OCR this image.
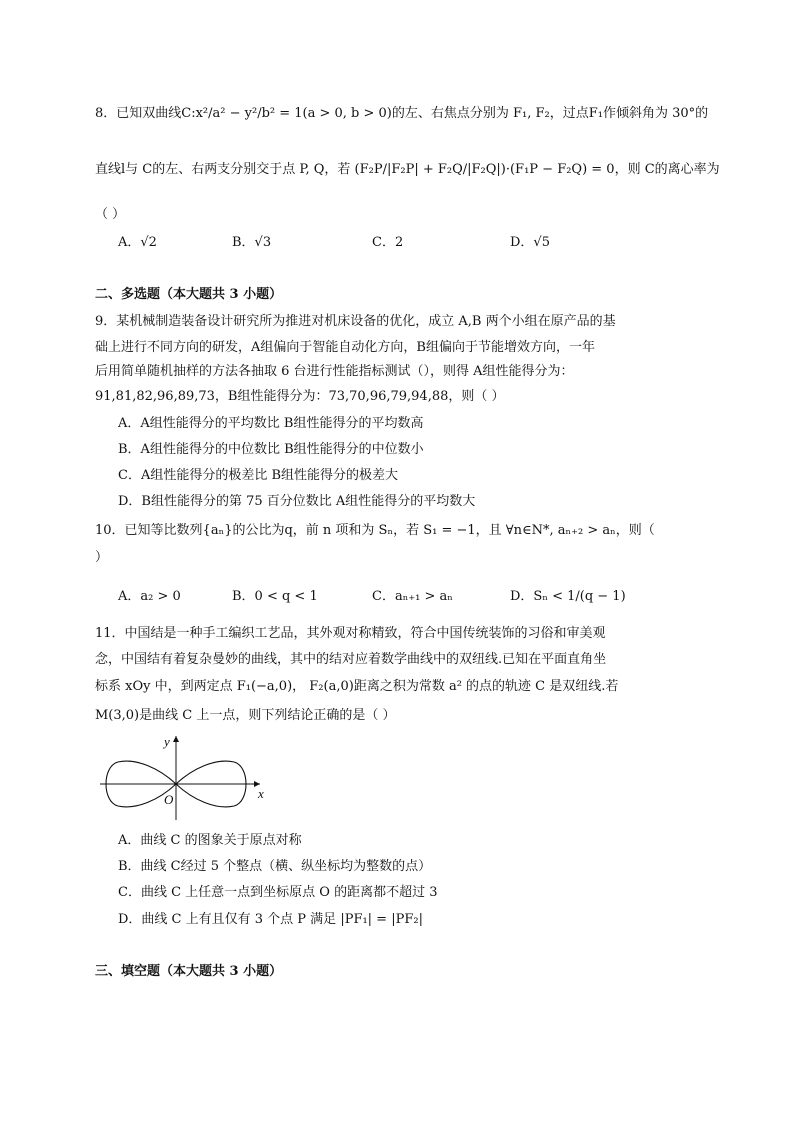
8．已知双曲线C:x²/a² − y²/b² = 1(a > 0, b > 0)的左、右焦点分别为 F₁, F₂，过点F₁作倾斜角为 30°的
直线l与 C的左、右两支分别交于点 P, Q，若 (F₂P/|F₂P| + F₂Q/|F₂Q|)·(F₁P − F₂Q) = 0，则 C的离心率为
（ ）
A．√2	B．√3	C．2	D．√5
二、多选题（本大题共 3 小题）
9．某机械制造装备设计研究所为推进对机床设备的优化，成立 A,B 两个小组在原产品的基
础上进行不同方向的研发，A组偏向于智能自动化方向，B组偏向于节能增效方向，一年
后用简单随机抽样的方法各抽取 6 台进行性能指标测试（），则得 A组性能得分为：
91,81,82,96,89,73，B组性能得分为：73,70,96,79,94,88，则（ ）
A．A组性能得分的平均数比 B组性能得分的平均数高
B．A组性能得分的中位数比 B组性能得分的中位数小
C．A组性能得分的极差比 B组性能得分的极差大
D．B组性能得分的第 75 百分位数比 A组性能得分的平均数大
10．已知等比数列{aₙ}的公比为q，前 n 项和为 Sₙ，若 S₁ = −1，且 ∀n∈N*, aₙ₊₂ > aₙ，则（
）
A．a₂ > 0	B．0 < q < 1	C．aₙ₊₁ > aₙ	D．Sₙ < 1/(q − 1)
11．中国结是一种手工编织工艺品，其外观对称精致，符合中国传统装饰的习俗和审美观
念，中国结有着复杂曼妙的曲线，其中的结对应着数学曲线中的双纽线.已知在平面直角坐
标系 xOy 中，到两定点 F₁(−a,0)， F₂(a,0)距离之积为常数 a² 的点的轨迹 C 是双纽线.若
M(3,0)是曲线 C 上一点，则下列结论正确的是（ ）
x
y
O
A．曲线 C 的图象关于原点对称
B．曲线 C经过 5 个整点（横、纵坐标均为整数的点）
C．曲线 C 上任意一点到坐标原点 O 的距离都不超过 3
D．曲线 C 上有且仅有 3 个点 P 满足 |PF₁| = |PF₂|
三、填空题（本大题共 3 小题）
